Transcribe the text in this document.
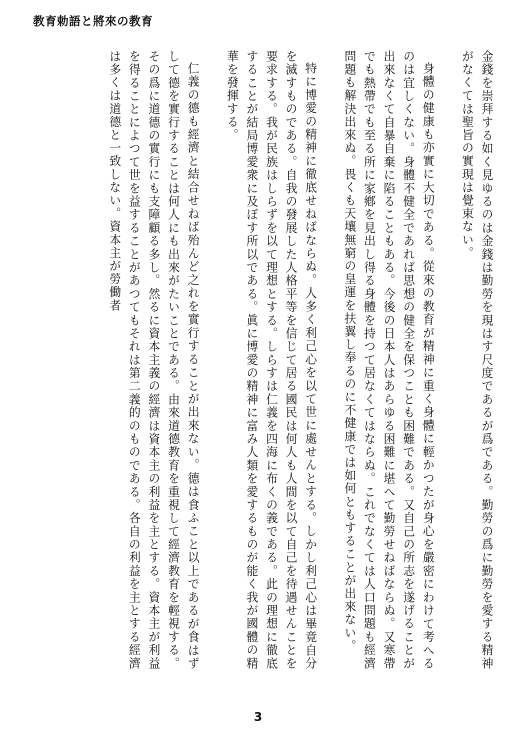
教育勅語と將來の教育

金錢を崇拜する如く見ゆるのは金錢は勤勞を現はす尺度であるが爲である。勤勞の爲に勤勞を愛する精神がなくては聖旨の實現は覺束ない。

身體の健康も亦實に大切である。從來の教育が精神に重く身體に輕かつたが身心を嚴密にわけて考へるのは宜しくない。身體不健全であれば思想の健全を保つことも困難である。又自己の所志を遂げることが出來なくて自暴自棄に陷ることもある。今後の日本人はあらゆる困難に堪へて勤勞せねばならぬ。又寒帶でも熱帶でも至る所に家鄕を見出し得る身體を持つて居なくてはならぬ。これでなくては人口問題も經濟問題も解決出來ぬ。畏くも天壤無窮の皇運を扶翼し奉るのに不健康では如何ともすることが出來ない。

特に博愛の精神に徹底せねばならぬ。人多く利己心を以て世に處せんとする。しかし利己心は畢竟自分を滅すものである。自我の發展した人格平等を信じて居る國民は何人も人間を以て自己を待遇せんことを要求する。我が民族はしらずを以て理想とする。しらすは仁義を四海に布くの義である。此の理想に徹底することが結局博愛衆に及ぼす所以である。眞に博愛の精神に富み人類を愛するものが能く我が國體の精華を發揮する。

仁義の德も經濟と結合せねば殆んど之れを實行することが出來ない。德は食ふこと以上であるが食はずして德を實行することは何人にも出來がたいことである。由來道德教育を重視して經濟教育を輕視する。その爲に道德の實行にも支障顧る多し。然るに資本主義の經濟は資本主の利益を主とする。資本主が利益を得ることによつて世を益することがあつてもそれは第二義的のものである。各自の利益を主とする經濟は多くは道德と一致しない。資本主が勞働者

3
